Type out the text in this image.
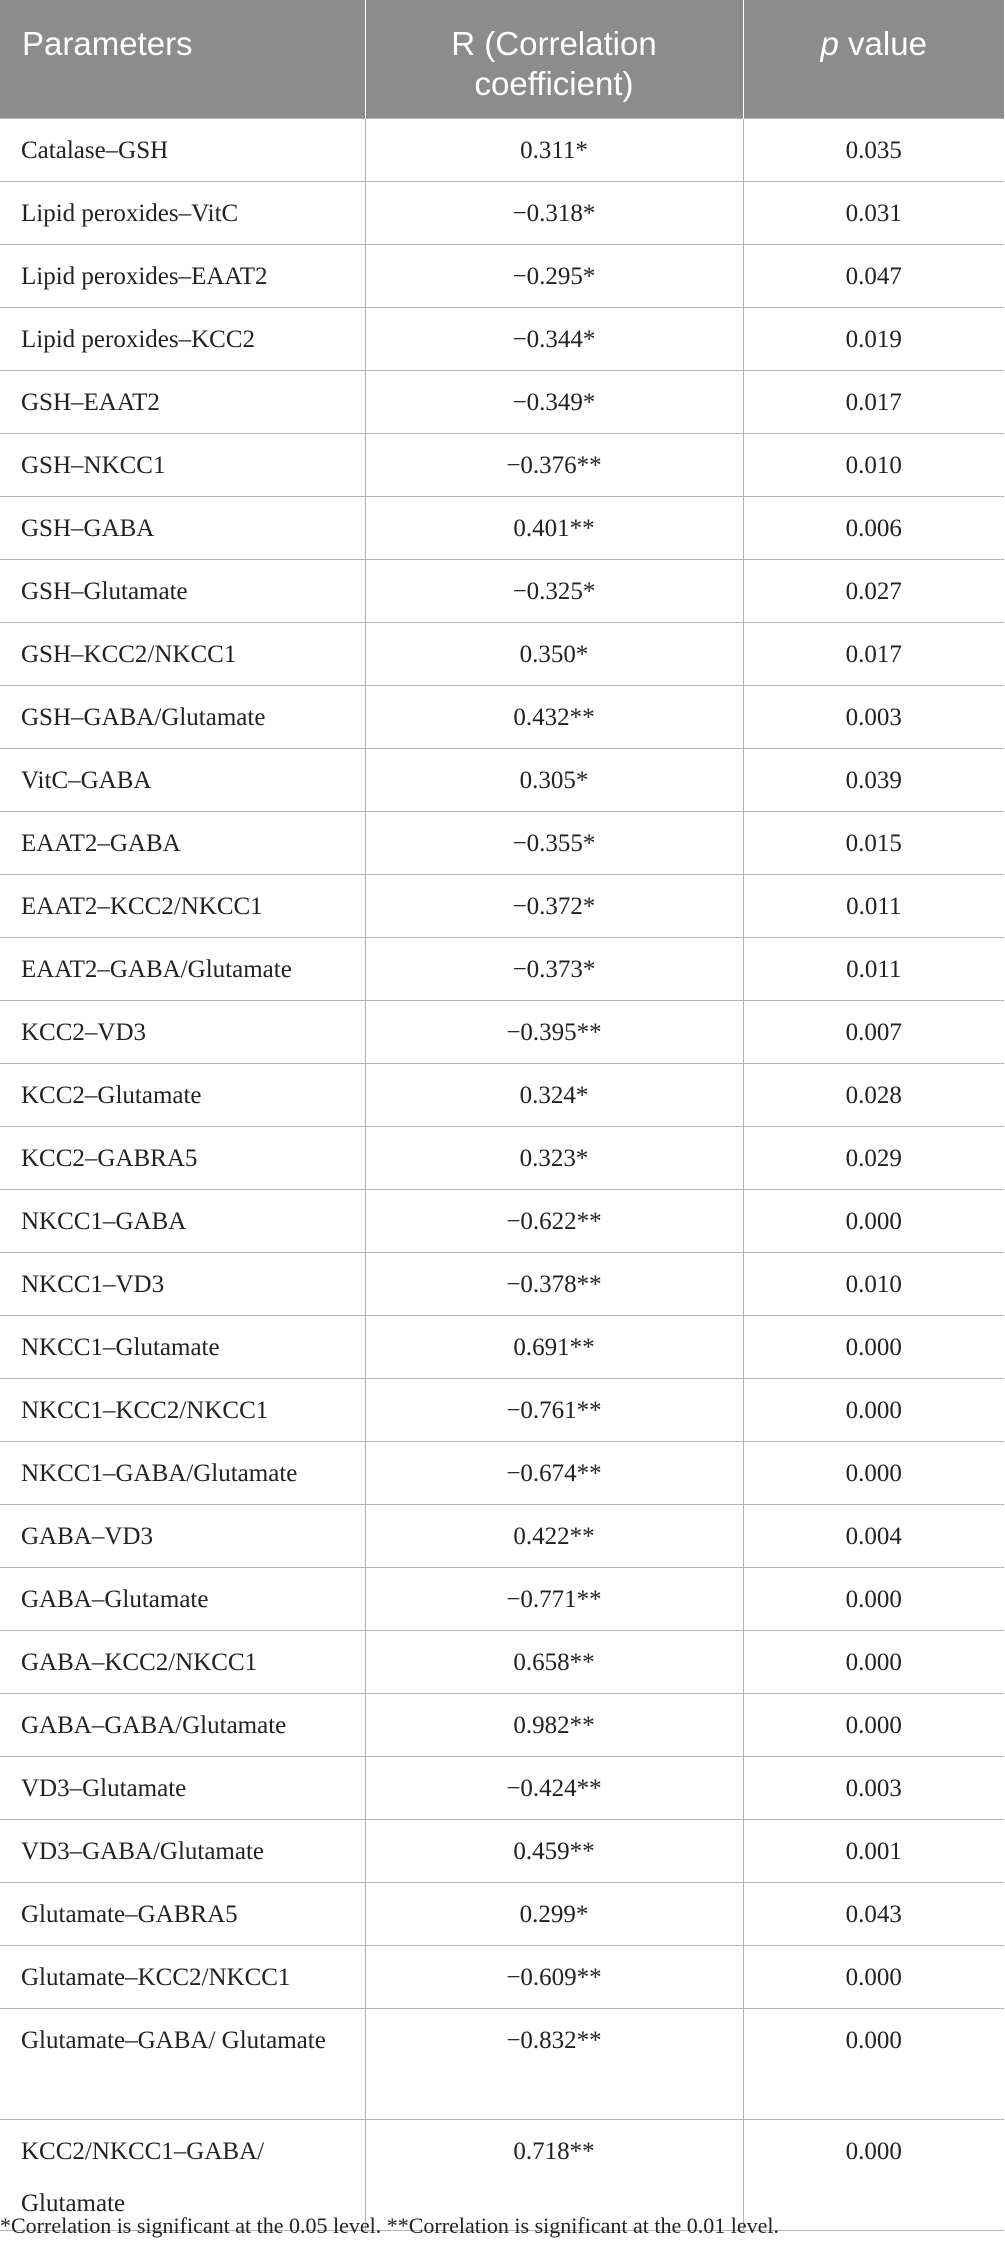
Parameters	R (Correlation coefficient)	p value

Catalase–GSH	0.311*	0.035

Lipid peroxides–VitC	−0.318*	0.031

Lipid peroxides–EAAT2	−0.295*	0.047

Lipid peroxides–KCC2	−0.344*	0.019

GSH–EAAT2	−0.349*	0.017

GSH–NKCC1	−0.376**	0.010

GSH–GABA	0.401**	0.006

GSH–Glutamate	−0.325*	0.027

GSH–KCC2/NKCC1	0.350*	0.017

GSH–GABA/Glutamate	0.432**	0.003

VitC–GABA	0.305*	0.039

EAAT2–GABA	−0.355*	0.015

EAAT2–KCC2/NKCC1	−0.372*	0.011

EAAT2–GABA/Glutamate	−0.373*	0.011

KCC2–VD3	−0.395**	0.007

KCC2–Glutamate	0.324*	0.028

KCC2–GABRA5	0.323*	0.029

NKCC1–GABA	−0.622**	0.000

NKCC1–VD3	−0.378**	0.010

NKCC1–Glutamate	0.691**	0.000

NKCC1–KCC2/NKCC1	−0.761**	0.000

NKCC1–GABA/Glutamate	−0.674**	0.000

GABA–VD3	0.422**	0.004

GABA–Glutamate	−0.771**	0.000

GABA–KCC2/NKCC1	0.658**	0.000

GABA–GABA/Glutamate	0.982**	0.000

VD3–Glutamate	−0.424**	0.003

VD3–GABA/Glutamate	0.459**	0.001

Glutamate–GABRA5	0.299*	0.043

Glutamate–KCC2/NKCC1	−0.609**	0.000

Glutamate–GABA/ Glutamate	−0.832**	0.000

KCC2/NKCC1–GABA/ Glutamate	0.718**	0.000
*Correlation is significant at the 0.05 level. **Correlation is significant at the 0.01 level.
